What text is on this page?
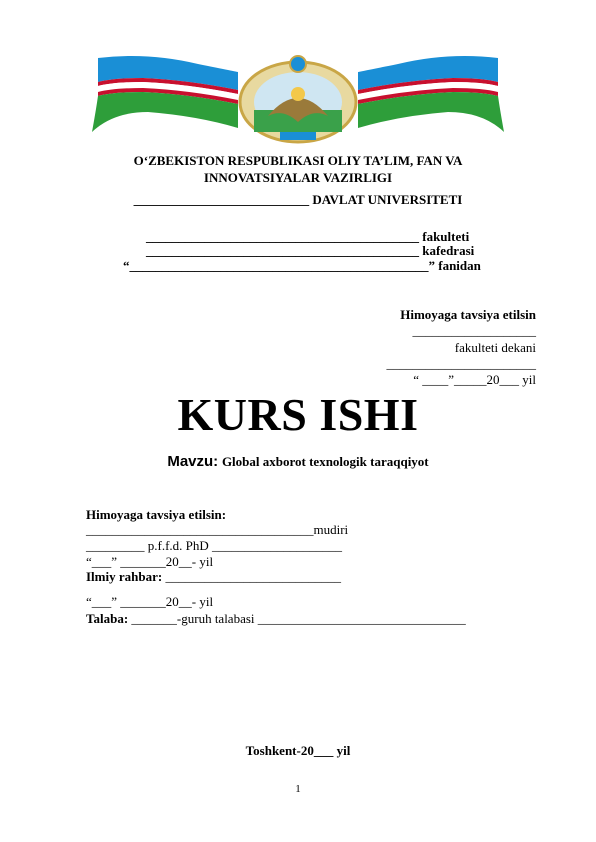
O‘ZBEKISTON RESPUBLIKASI OLIY TA’LIM, FAN VA
INNOVATSIYALAR VAZIRLIGI
___________________________ DAVLAT UNIVERSITETI
__________________________________________ fakulteti
__________________________________________ kafedrasi
“______________________________________________” fanidan
Himoyaga tavsiya etilsin
___________________
fakulteti dekani
_______________________
“ ____”_____20___ yil
KURS ISHI
Mavzu: Global axborot texnologik taraqqiyot
Himoyaga tavsiya etilsin:
___________________________________mudiri
_________ p.f.f.d. PhD ____________________
“___” _______20__- yil
Ilmiy rahbar: ___________________________
“___” _______20__- yil
Talaba: _______-guruh talabasi ________________________________
Toshkent-20___ yil
1
